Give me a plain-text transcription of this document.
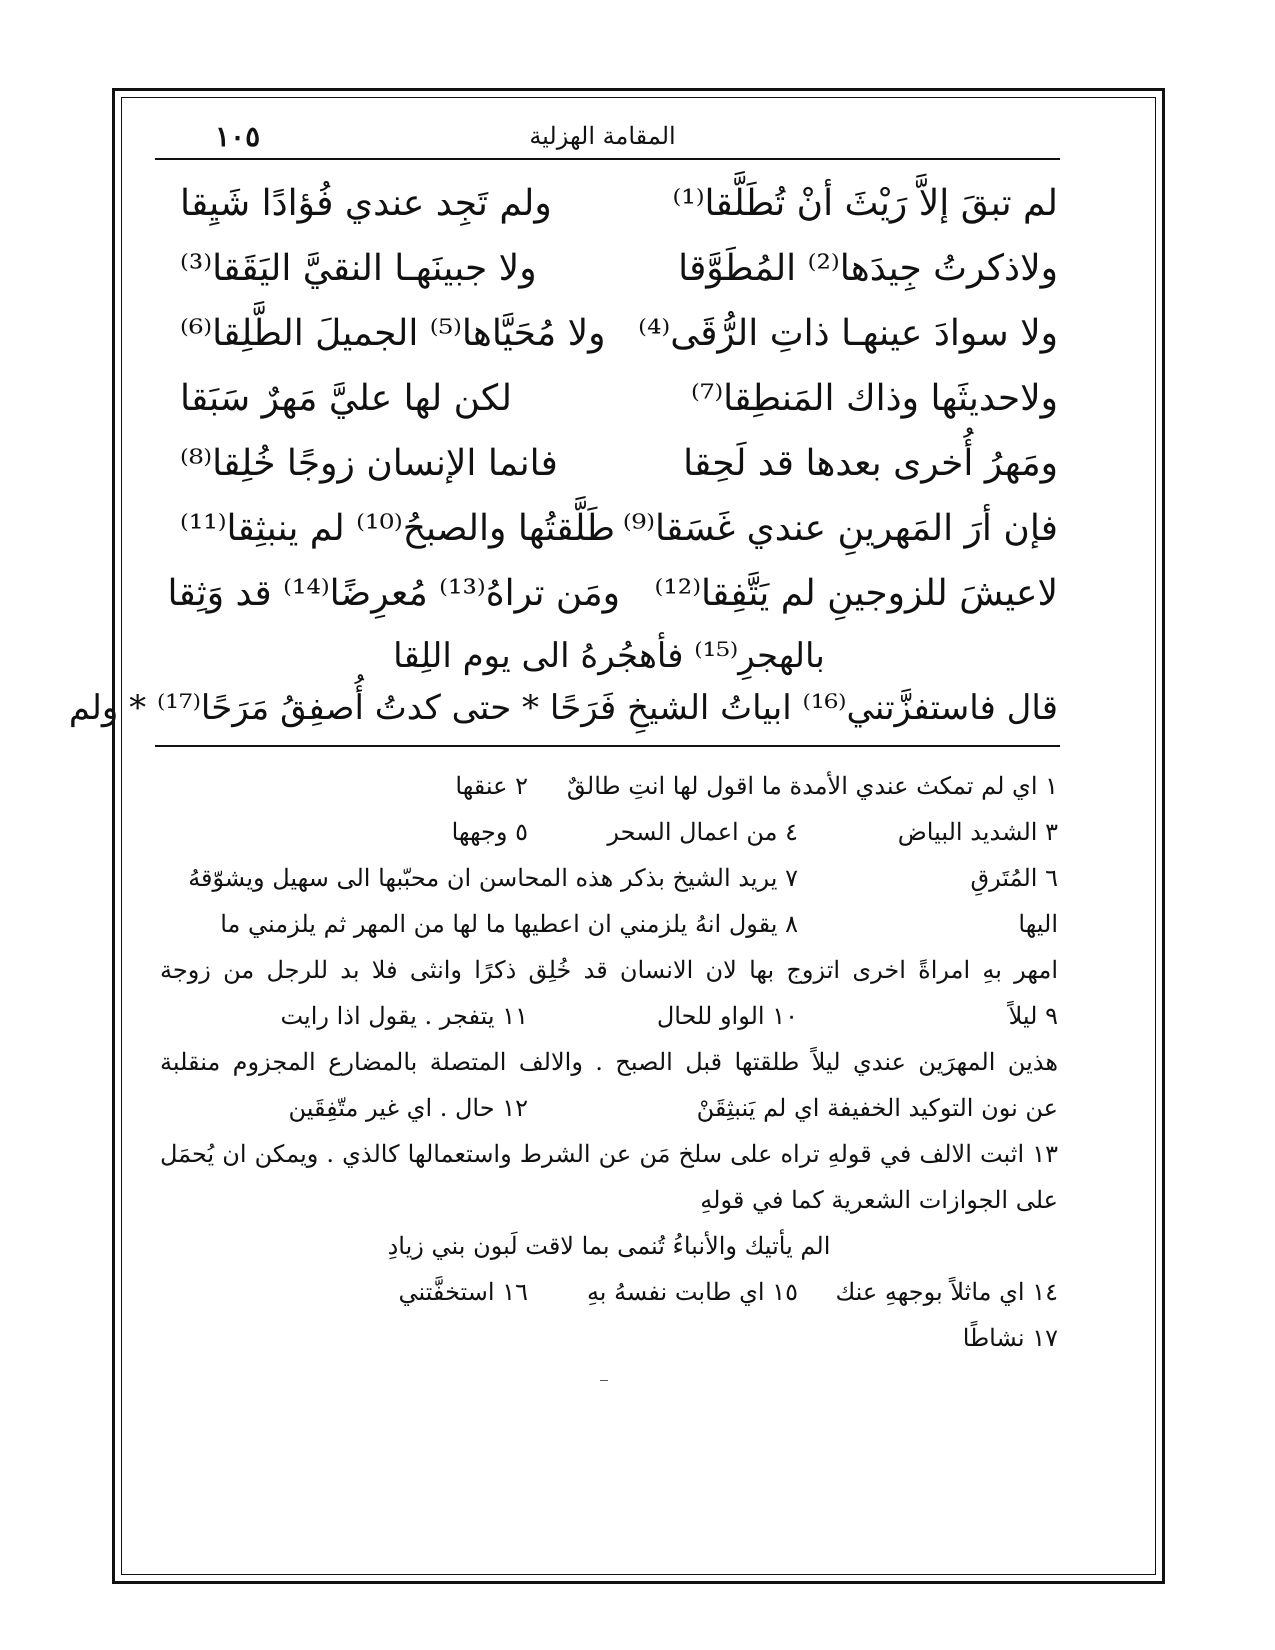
١٠٥	المقامة الهزلية
لم تبقَ إلاَّ رَيْثَ أنْ تُطَلَّقا⁽¹⁾
ولم تَجِد عندي فُؤادًا شَيِقا
ولاذكرتُ جِيدَها⁽²⁾ المُطَوَّقا
ولا جبينَهـا النقيَّ اليَقَقا⁽³⁾
ولا سوادَ عينهـا ذاتِ الرُّقَى⁽⁴⁾
ولا مُحَيَّاها⁽⁵⁾ الجميلَ الطَّلِقا⁽⁶⁾
ولاحديثَها وذاك المَنطِقا⁽⁷⁾
لكن لها عليَّ مَهرٌ سَبَقا
ومَهرُ أُخرى بعدها قد لَحِقا
فانما الإنسان زوجًا خُلِقا⁽⁸⁾
فإن أرَ المَهرينِ عندي غَسَقا⁽⁹⁾
طَلَّقتُها والصبحُ⁽¹⁰⁾ لم ينبثِقا⁽¹¹⁾
لاعيشَ للزوجينِ لم يَتَّفِقا⁽¹²⁾
ومَن تراهُ⁽¹³⁾ مُعرِضًا⁽¹⁴⁾ قد وَثِقا
بالهجرِ⁽¹⁵⁾ فأهجُرهُ الى يوم اللِقا
قال فاستفزَّتني⁽¹⁶⁾ ابياتُ الشيخِ فَرَحًا * حتى كدتُ أُصفِقُ مَرَحًا⁽¹⁷⁾ * ولم
١ اي لم تمكث عندي الأمدة ما اقول لها انتِ طالقٌ
٢ عنقها
٣ الشديد البياض
٤ من اعمال السحر
٥ وجهها
٦ المُتَرقِ
٧ يريد الشيخ بذكر هذه المحاسن ان محبّبها الى سهيل ويشوّقهُ
اليها
٨ يقول انهُ يلزمني ان اعطيها ما لها من المهر ثم يلزمني ما
امهر بهِ امراةً اخرى اتزوج بها لان الانسان قد خُلِق ذكرًا وانثى فلا بد للرجل من زوجة
٩ ليلاً
١٠ الواو للحال
١١ يتفجر . يقول اذا رايت
هذين المهرَين عندي ليلاً طلقتها قبل الصبح . والالف المتصلة بالمضارع المجزوم منقلبة
عن نون التوكيد الخفيفة اي لم يَنبثِقَنْ
١٢ حال . اي غير متّفِقَين
١٣ اثبت الالف في قولهِ تراه على سلخ مَن عن الشرط واستعمالها كالذي . ويمكن ان يُحمَل
على الجوازات الشعرية كما في قولهِ
الم يأتيك والأنباءُ تُنمى بما لاقت لَبون بني زيادِ
١٤ اي ماثلاً بوجههِ عنك
١٥ اي طابت نفسهُ بهِ
١٦ استخفَّتني
١٧ نشاطًا
